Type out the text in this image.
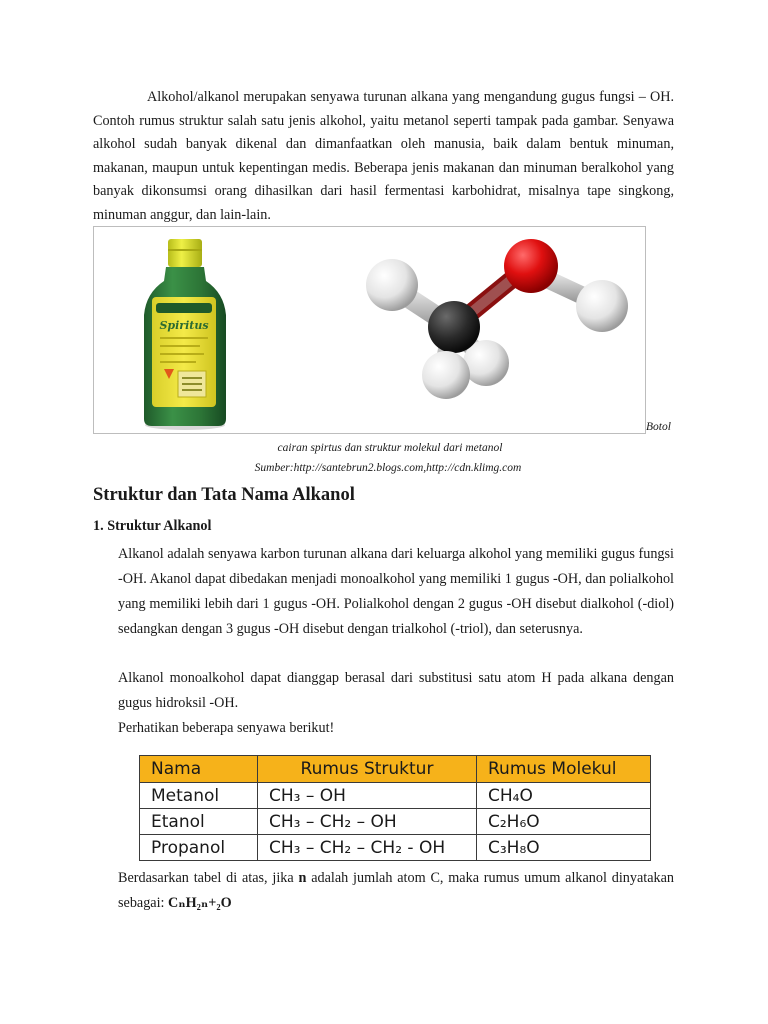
Alkohol/alkanol merupakan senyawa turunan alkana yang mengandung gugus fungsi – OH. Contoh rumus struktur salah satu jenis alkohol, yaitu metanol seperti tampak pada gambar. Senyawa alkohol sudah banyak dikenal dan dimanfaatkan oleh manusia, baik dalam bentuk minuman, makanan, maupun untuk kepentingan medis. Beberapa jenis makanan dan minuman beralkohol yang banyak dikonsumsi orang dihasilkan dari hasil fermentasi karbohidrat, misalnya tape singkong, minuman anggur, dan lain-lain.

Spiritus
Botol
cairan spirtus dan struktur molekul dari metanol
Sumber:http://santebrun2.blogs.com,http://cdn.klimg.com
Struktur dan Tata Nama Alkanol
1. Struktur Alkanol

Alkanol adalah senyawa karbon turunan alkana dari keluarga alkohol yang memiliki gugus fungsi -OH. Akanol dapat dibedakan menjadi monoalkohol yang memiliki 1 gugus -OH, dan polialkohol yang memiliki lebih dari 1 gugus -OH. Polialkohol dengan 2 gugus -OH disebut dialkohol (-diol) sedangkan dengan 3 gugus -OH disebut dengan trialkohol (-triol), dan seterusnya.

Alkanol monoalkohol dapat dianggap berasal dari substitusi satu atom H pada alkana dengan gugus hidroksil -OH.

Perhatikan beberapa senyawa berikut!

Nama	Rumus Struktur	Rumus Molekul
Metanol	CH₃ – OH	CH₄O
Etanol	CH₃ – CH₂ – OH	C₂H₆O
Propanol	CH₃ – CH₂ – CH₂ - OH	C₃H₈O

Berdasarkan tabel di atas, jika n adalah jumlah atom C, maka rumus umum alkanol dinyatakan sebagai: CₙH₂ₙ+₂O
